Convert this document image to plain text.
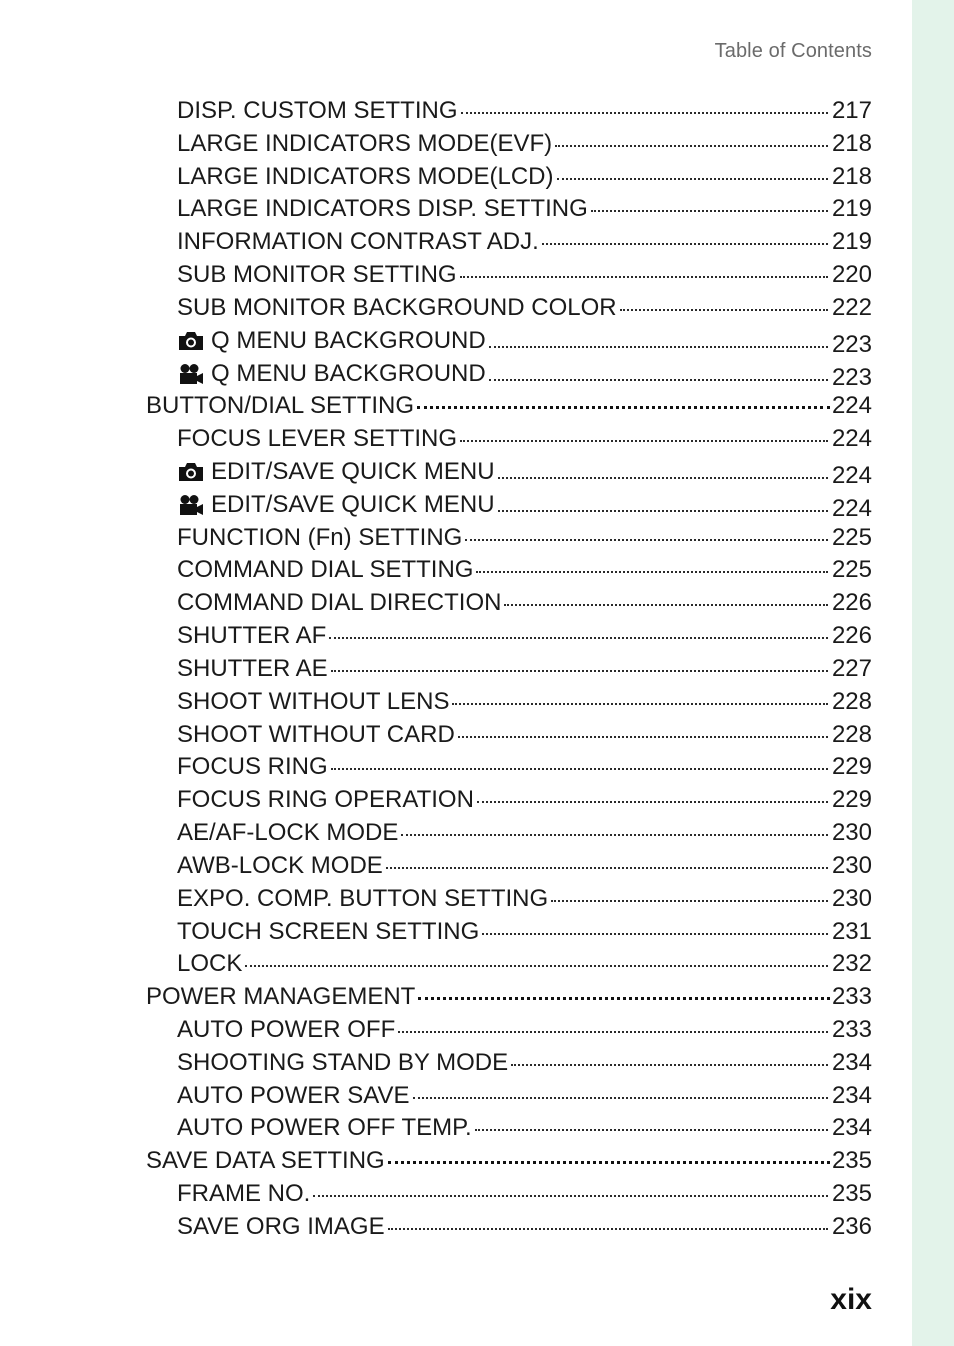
Table of Contents
DISP. CUSTOM SETTING	217
LARGE INDICATORS MODE(EVF)	218
LARGE INDICATORS MODE(LCD)	218
LARGE INDICATORS DISP. SETTING	219
INFORMATION CONTRAST ADJ.	219
SUB MONITOR SETTING	220
SUB MONITOR BACKGROUND COLOR	222
Q MENU BACKGROUND	223
Q MENU BACKGROUND	223
BUTTON/DIAL SETTING	224
FOCUS LEVER SETTING	224
EDIT/SAVE QUICK MENU	224
EDIT/SAVE QUICK MENU	224
FUNCTION (Fn) SETTING	225
COMMAND DIAL SETTING	225
COMMAND DIAL DIRECTION	226
SHUTTER AF	226
SHUTTER AE	227
SHOOT WITHOUT LENS	228
SHOOT WITHOUT CARD	228
FOCUS RING	229
FOCUS RING OPERATION	229
AE/AF-LOCK MODE	230
AWB-LOCK MODE	230
EXPO. COMP. BUTTON SETTING	230
TOUCH SCREEN SETTING	231
LOCK	232
POWER MANAGEMENT	233
AUTO POWER OFF	233
SHOOTING STAND BY MODE	234
AUTO POWER SAVE	234
AUTO POWER OFF TEMP.	234
SAVE DATA SETTING	235
FRAME NO.	235
SAVE ORG IMAGE	236
xix
